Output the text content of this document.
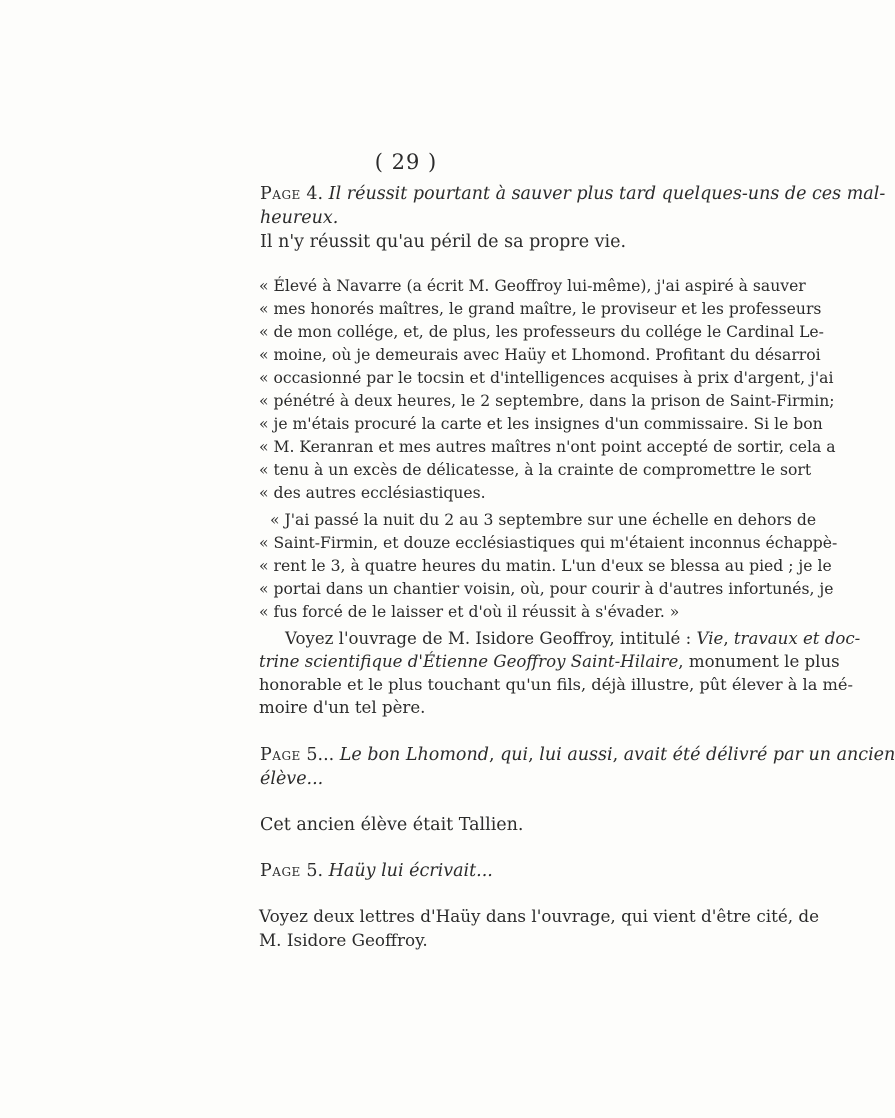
( 29 )
Page 4. Il réussit pourtant à sauver plus tard quelques-uns de ces mal-
heureux.
Il n'y réussit qu'au péril de sa propre vie.
« Élevé à Navarre (a écrit M. Geoffroy lui-même), j'ai aspiré à sauver
« mes honorés maîtres, le grand maître, le proviseur et les professeurs
« de mon collége, et, de plus, les professeurs du collége le Cardinal Le-
« moine, où je demeurais avec Haüy et Lhomond. Profitant du désarroi
« occasionné par le tocsin et d'intelligences acquises à prix d'argent, j'ai
« pénétré à deux heures, le 2 septembre, dans la prison de Saint-Firmin;
« je m'étais procuré la carte et les insignes d'un commissaire. Si le bon
« M. Keranran et mes autres maîtres n'ont point accepté de sortir, cela a
« tenu à un excès de délicatesse, à la crainte de compromettre le sort
« des autres ecclésiastiques.
« J'ai passé la nuit du 2 au 3 septembre sur une échelle en dehors de
« Saint-Firmin, et douze ecclésiastiques qui m'étaient inconnus échappè-
« rent le 3, à quatre heures du matin. L'un d'eux se blessa au pied ; je le
« portai dans un chantier voisin, où, pour courir à d'autres infortunés, je
« fus forcé de le laisser et d'où il réussit à s'évader. »
Voyez l'ouvrage de M. Isidore Geoffroy, intitulé : Vie, travaux et doc-
trine scientifique d'Étienne Geoffroy Saint-Hilaire, monument le plus
honorable et le plus touchant qu'un fils, déjà illustre, pût élever à la mé-
moire d'un tel père.
Page 5... Le bon Lhomond, qui, lui aussi, avait été délivré par un ancien
élève...
Cet ancien élève était Tallien.
Page 5. Haüy lui écrivait...
Voyez deux lettres d'Haüy dans l'ouvrage, qui vient d'être cité, de
M. Isidore Geoffroy.
